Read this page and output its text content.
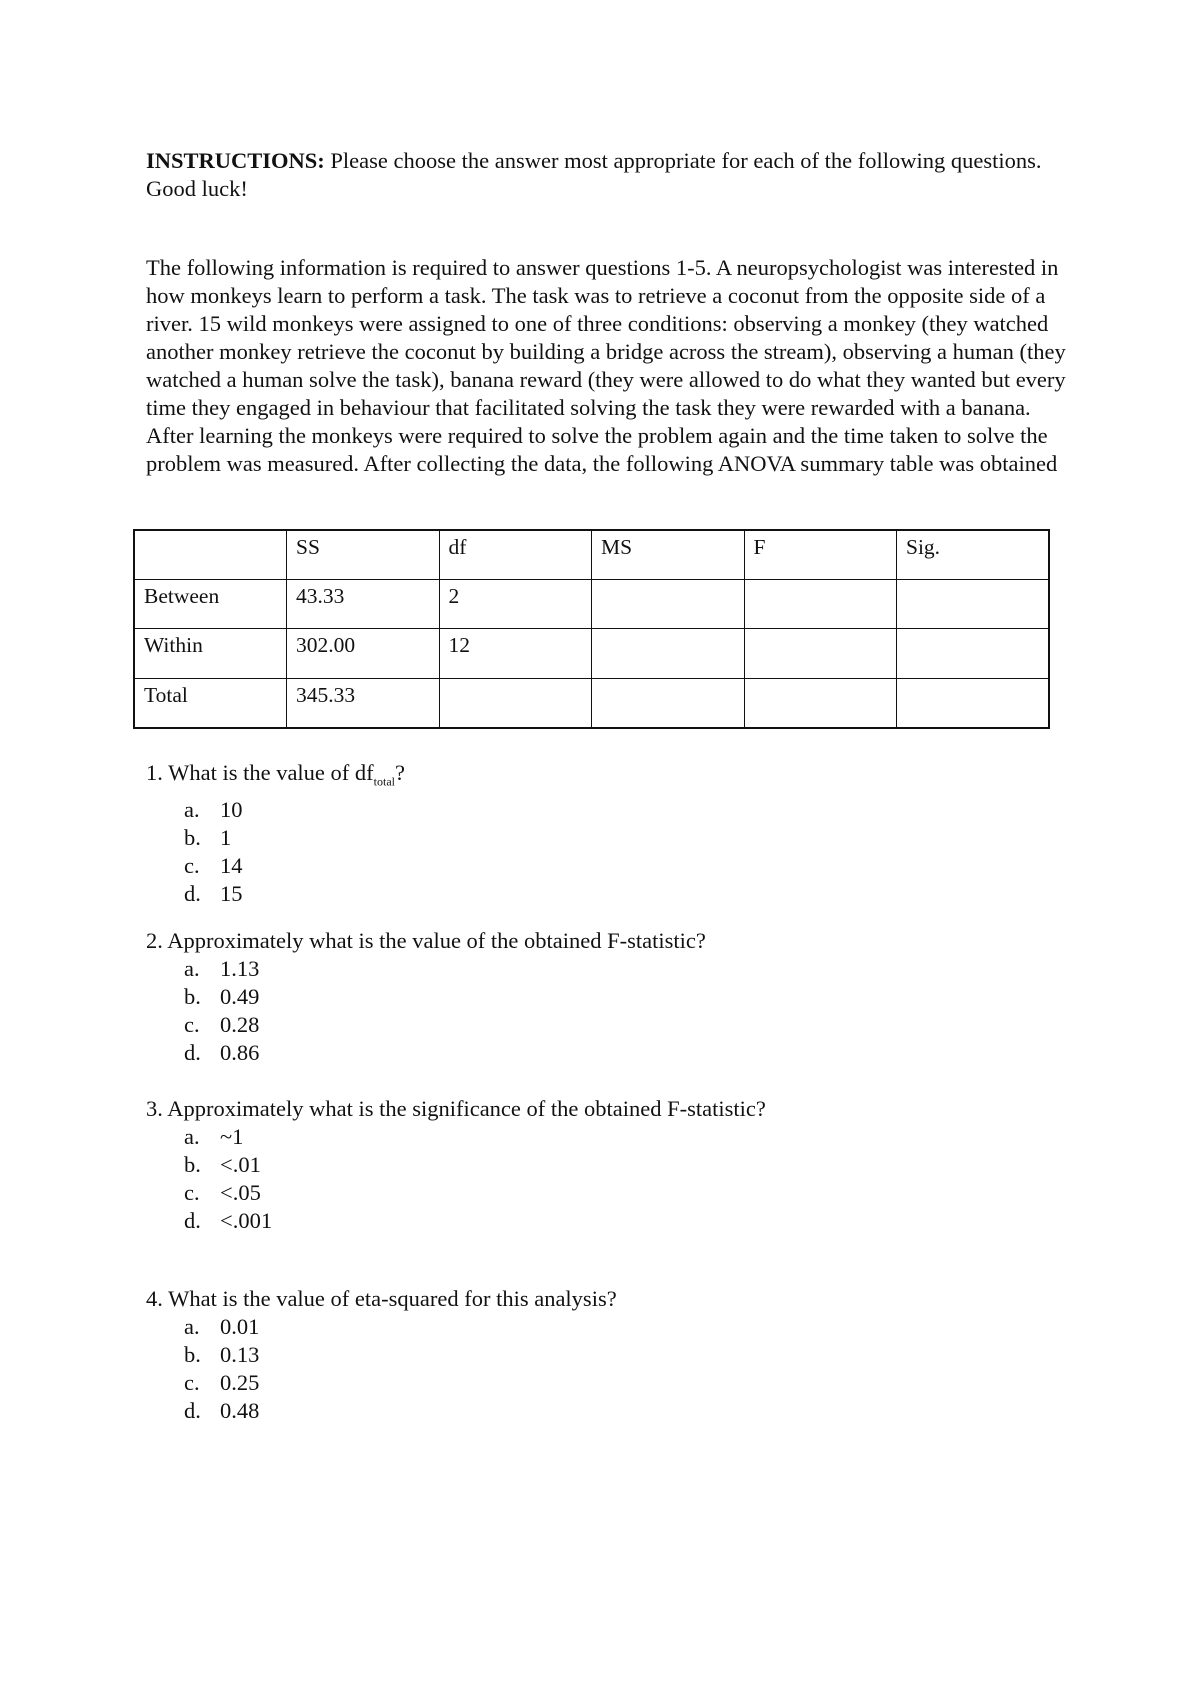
INSTRUCTIONS: Please choose the answer most appropriate for each of the following questions. Good luck!

The following information is required to answer questions 1-5. A neuropsychologist was interested in how monkeys learn to perform a task. The task was to retrieve a coconut from the opposite side of a river. 15 wild monkeys were assigned to one of three conditions: observing a monkey (they watched another monkey retrieve the coconut by building a bridge across the stream), observing a human (they watched a human solve the task), banana reward (they were allowed to do what they wanted but every time they engaged in behaviour that facilitated solving the task they were rewarded with a banana. After learning the monkeys were required to solve the problem again and the time taken to solve the problem was measured. After collecting the data, the following ANOVA summary table was obtained

	SS	df	MS	F	Sig.
Between	43.33	2			
Within	302.00	12			
Total	345.33				
1. What is the value of $df_{total}$?
a. 10
b. 1
c. 14
d. 15
2. Approximately what is the value of the obtained F-statistic?
a. 1.13
b. 0.49
c. 0.28
d. 0.86
3. Approximately what is the significance of the obtained F-statistic?
a. ~1
b. <.01
c. <.05
d. <.001
4. What is the value of eta-squared for this analysis?
a. 0.01
b. 0.13
c. 0.25
d. 0.48
